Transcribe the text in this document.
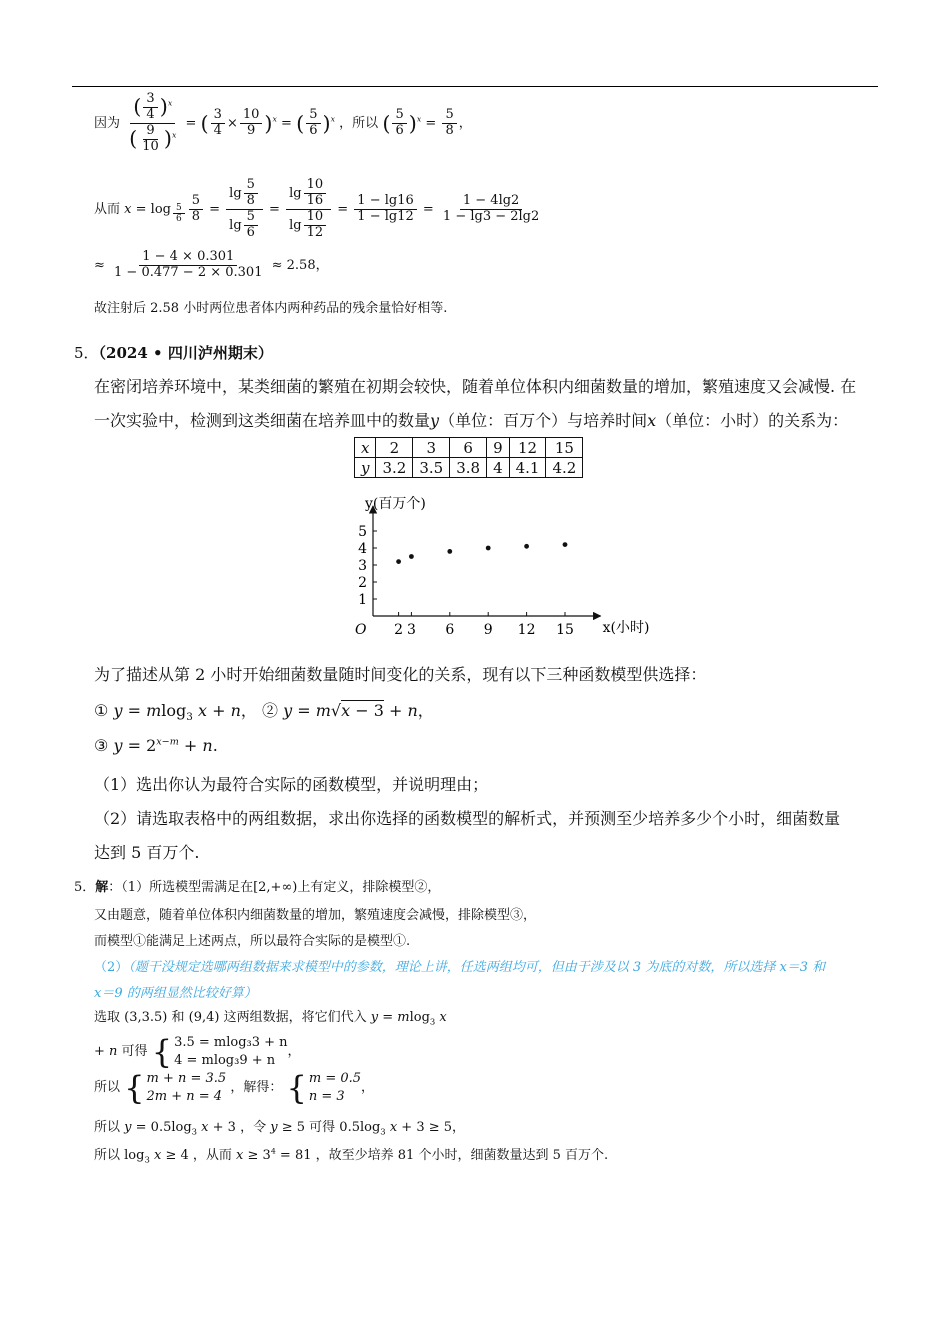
因为 $\frac{( \frac{3}{4} )^x}{( \frac{9}{10} )^x}$ = ( $\frac{3}{4} \times \frac{10}{9} )^x$ = ( $\frac{5}{6} )^x$ ，所以 ( $\frac{5}{6} )^x = \frac{5}{8}$ ，
从而 $x = \log _{\frac{5}{6}} \frac{5}{8} = \frac{\lg \frac{5}{8}}{\lg \frac{5}{6}} = \frac{\lg \frac{10}{16}}{\lg \frac{10}{12}} = \frac{1 - \lg 16}{1 - \lg 12} = \frac{1 - 4\lg 2}{1 - \lg 3 - 2\lg 2}$
≈ $\frac{1 - 4 \times 0.301}{1 - 0.477 - 2 \times 0.301} \approx 2.58$，
故注射后 2.58 小时两位患者体内两种药品的残余量恰好相等.
5．（2024 • 四川泸州期末）
在密闭培养环境中，某类细菌的繁殖在初期会较快，随着单位体积内细菌数量的增加，繁殖速度又会减慢. 在
一次实验中，检测到这类细菌在培养皿中的数量y（单位：百万个）与培养时间x（单位：小时）的关系为：
x	2	3	6	9	12	15
y	3.2	3.5	3.8	4	4.1	4.2
O
y(百万个)
x(小时)
2 3 6 9 12 15
1
2
3
4
5
为了描述从第 2 小时开始细菌数量随时间变化的关系，现有以下三种函数模型供选择：
① y = mlog$_3$ x + n， ② y = m√x − 3 + n，
③ $y = 2^{x-m} + n$.
（1）选出你认为最符合实际的函数模型，并说明理由；
（2）请选取表格中的两组数据，求出你选择的函数模型的解析式，并预测至少培养多少个小时，细菌数量
达到 5 百万个.
5．解：（1）所选模型需满足在[2,+∞)上有定义，排除模型②，
又由题意，随着单位体积内细菌数量的增加，繁殖速度会减慢，排除模型③，
而模型①能满足上述两点，所以最符合实际的是模型①.
（2）（题干没规定选哪两组数据来求模型中的参数，理论上讲，任选两组均可，但由于涉及以 3 为底的对数，所以选择 x＝3 和
x＝9 的两组显然比较好算）
选取 (3,3.5) 和 (9,4) 这两组数据，将它们代入 y = mlog$_3$ x
+ n 可得 { 3.5 = mlog₃3 + n
4 = mlog₃9 + n
，
所以 { m + n = 3.5
2m + n = 4
，解得： { m = 0.5
n = 3
，
所以 $y = 0.5\log_3$ x + 3 ，令 y ≥ 5 可得 $0.5\log_3$ x + 3 ≥ 5，
所以 $\log_3 x \ge 4$ ，从而 $x \ge 3^4 = 81$ ，故至少培养 81 个小时，细菌数量达到 5 百万个.
